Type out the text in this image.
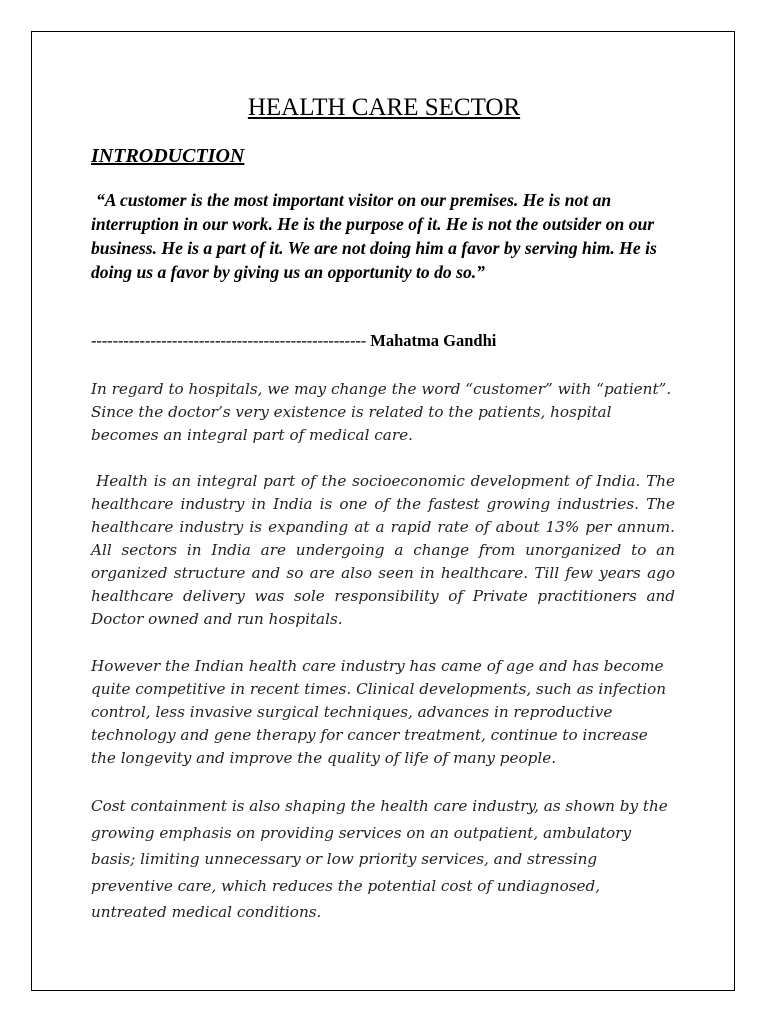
HEALTH CARE SECTOR
INTRODUCTION

“A customer is the most important visitor on our premises. He is not an interruption in our work. He is the purpose of it. He is not the outsider on our business. He is a part of it. We are not doing him a favor by serving him. He is doing us a favor by giving us an opportunity to do so.”

--------------------------------------------------- Mahatma Gandhi

In regard to hospitals, we may change the word “customer” with “patient”. Since the doctor’s very existence is related to the patients, hospital becomes an integral part of medical care.

Health is an integral part of the socioeconomic development of India. The healthcare industry in India is one of the fastest growing industries. The healthcare industry is expanding at a rapid rate of about 13% per annum. All sectors in India are undergoing a change from unorganized to an organized structure and so are also seen in healthcare. Till few years ago healthcare delivery was sole responsibility of Private practitioners and Doctor owned and run hospitals.

However the Indian health care industry has came of age and has become quite competitive in recent times. Clinical developments, such as infection control, less invasive surgical techniques, advances in reproductive technology and gene therapy for cancer treatment, continue to increase the longevity and improve the quality of life of many people.

Cost containment is also shaping the health care industry, as shown by the growing emphasis on providing services on an outpatient, ambulatory basis; limiting unnecessary or low priority services, and stressing preventive care, which reduces the potential cost of undiagnosed, untreated medical conditions.
